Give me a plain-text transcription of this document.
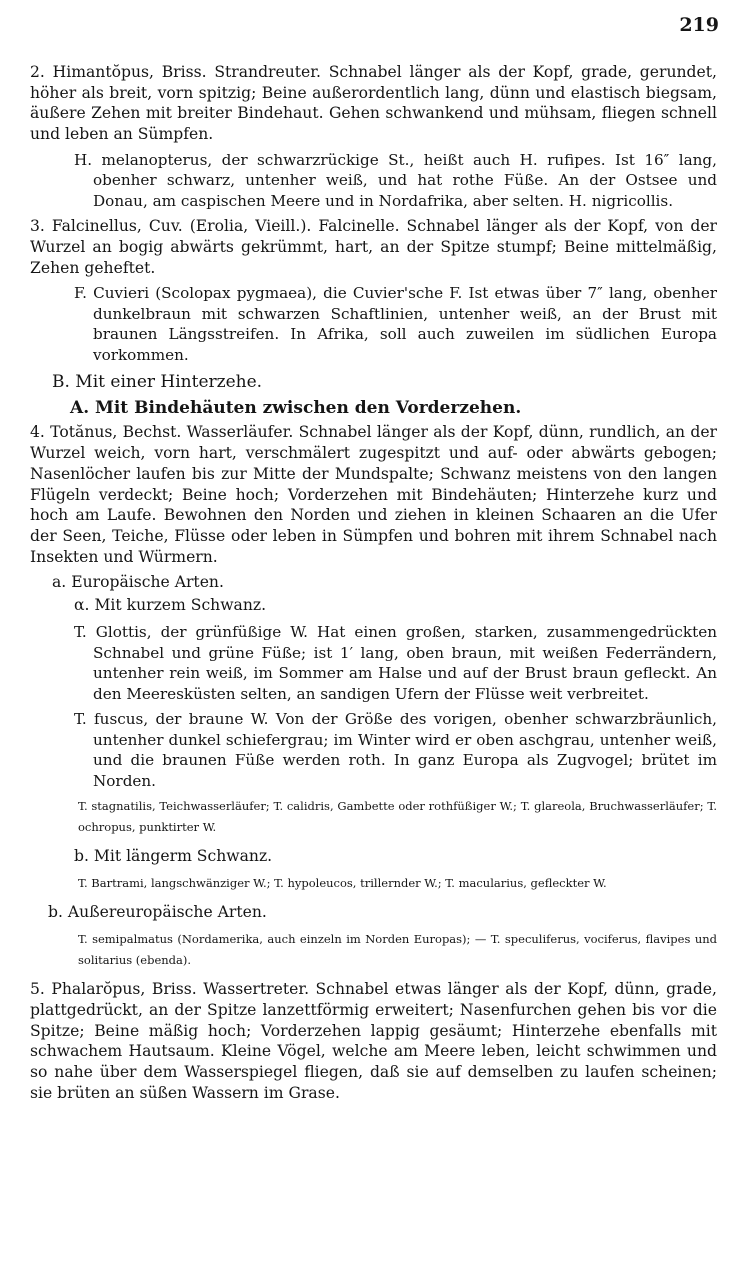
219

2. Himantŏpus, Briss. Strandreuter. Schnabel länger als der Kopf, grade, gerundet, höher als breit, vorn spitzig; Beine außerordentlich lang, dünn und elastisch biegsam, äußere Zehen mit breiter Bindehaut. Gehen schwankend und mühsam, fliegen schnell und leben an Sümpfen.

H. melanopterus, der schwarzrückige St., heißt auch H. rufipes. Ist 16″ lang, obenher schwarz, untenher weiß, und hat rothe Füße. An der Ostsee und Donau, am caspischen Meere und in Nordafrika, aber selten. H. nigricollis.

3. Falcinellus, Cuv. (Erolia, Vieill.). Falcinelle. Schnabel länger als der Kopf, von der Wurzel an bogig abwärts gekrümmt, hart, an der Spitze stumpf; Beine mittelmäßig, Zehen geheftet.

F. Cuvieri (Scolopax pygmaea), die Cuvier'sche F. Ist etwas über 7″ lang, obenher dunkelbraun mit schwarzen Schaftlinien, untenher weiß, an der Brust mit braunen Längsstreifen. In Afrika, soll auch zuweilen im südlichen Europa vorkommen.

B. Mit einer Hinterzehe.

A. Mit Bindehäuten zwischen den Vorderzehen.

4. Totănus, Bechst. Wasserläufer. Schnabel länger als der Kopf, dünn, rundlich, an der Wurzel weich, vorn hart, verschmälert zugespitzt und auf- oder abwärts gebogen; Nasenlöcher laufen bis zur Mitte der Mundspalte; Schwanz meistens von den langen Flügeln verdeckt; Beine hoch; Vorderzehen mit Bindehäuten; Hinterzehe kurz und hoch am Laufe. Bewohnen den Norden und ziehen in kleinen Schaaren an die Ufer der Seen, Teiche, Flüsse oder leben in Sümpfen und bohren mit ihrem Schnabel nach Insekten und Würmern.

a. Europäische Arten.

α. Mit kurzem Schwanz.

T. Glottis, der grünfüßige W. Hat einen großen, starken, zusammengedrückten Schnabel und grüne Füße; ist 1′ lang, oben braun, mit weißen Federrändern, untenher rein weiß, im Sommer am Halse und auf der Brust braun gefleckt. An den Meeresküsten selten, an sandigen Ufern der Flüsse weit verbreitet.

T. fuscus, der braune W. Von der Größe des vorigen, obenher schwarzbräunlich, untenher dunkel schiefergrau; im Winter wird er oben aschgrau, untenher weiß, und die braunen Füße werden roth. In ganz Europa als Zugvogel; brütet im Norden.

T. stagnatilis, Teichwasserläufer; T. calidris, Gambette oder rothfüßiger W.; T. glareola, Bruchwasserläufer; T. ochropus, punktirter W.

b. Mit längerm Schwanz.

T. Bartrami, langschwänziger W.; T. hypoleucos, trillernder W.; T. macularius, gefleckter W.

b. Außereuropäische Arten.

T. semipalmatus (Nordamerika, auch einzeln im Norden Europas); — T. speculiferus, vociferus, flavipes und solitarius (ebenda).

5. Phalarŏpus, Briss. Wassertreter. Schnabel etwas länger als der Kopf, dünn, grade, plattgedrückt, an der Spitze lanzettförmig erweitert; Nasenfurchen gehen bis vor die Spitze; Beine mäßig hoch; Vorderzehen lappig gesäumt; Hinterzehe ebenfalls mit schwachem Hautsaum. Kleine Vögel, welche am Meere leben, leicht schwimmen und so nahe über dem Wasserspiegel fliegen, daß sie auf demselben zu laufen scheinen; sie brüten an süßen Wassern im Grase.
